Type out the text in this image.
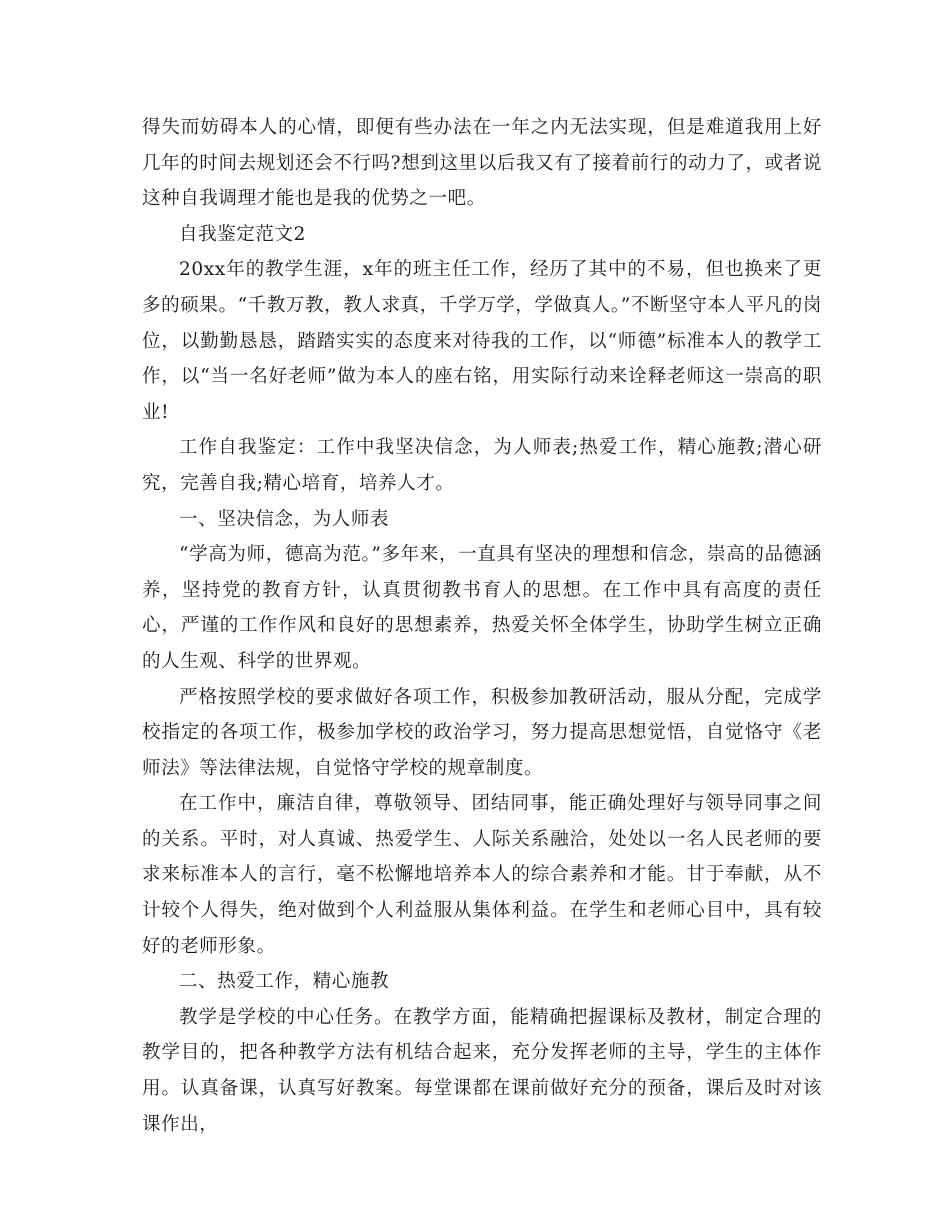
得失而妨碍本人的心情，即便有些办法在一年之内无法实现，但是难道我用上好几年的时间去规划还会不行吗?想到这里以后我又有了接着前行的动力了，或者说这种自我调理才能也是我的优势之一吧。

自我鉴定范文2

20xx年的教学生涯，x年的班主任工作，经历了其中的不易，但也换来了更多的硕果。“千教万教，教人求真，千学万学，学做真人。”不断坚守本人平凡的岗位，以勤勤恳恳，踏踏实实的态度来对待我的工作，以“师德”标准本人的教学工作，以“当一名好老师”做为本人的座右铭，用实际行动来诠释老师这一崇高的职业!

工作自我鉴定：工作中我坚决信念，为人师表;热爱工作，精心施教;潜心研究，完善自我;精心培育，培养人才。

一、坚决信念，为人师表

“学高为师，德高为范。”多年来，一直具有坚决的理想和信念，崇高的品德涵养，坚持党的教育方针，认真贯彻教书育人的思想。在工作中具有高度的责任心，严谨的工作作风和良好的思想素养，热爱关怀全体学生，协助学生树立正确的人生观、科学的世界观。

严格按照学校的要求做好各项工作，积极参加教研活动，服从分配，完成学校指定的各项工作，极参加学校的政治学习，努力提高思想觉悟，自觉恪守《老师法》等法律法规，自觉恪守学校的规章制度。

在工作中，廉洁自律，尊敬领导、团结同事，能正确处理好与领导同事之间的关系。平时，对人真诚、热爱学生、人际关系融洽，处处以一名人民老师的要求来标准本人的言行，毫不松懈地培养本人的综合素养和才能。甘于奉献，从不计较个人得失，绝对做到个人利益服从集体利益。在学生和老师心目中，具有较好的老师形象。

二、热爱工作，精心施教

教学是学校的中心任务。在教学方面，能精确把握课标及教材，制定合理的教学目的，把各种教学方法有机结合起来，充分发挥老师的主导，学生的主体作用。认真备课，认真写好教案。每堂课都在课前做好充分的预备，课后及时对该课作出，
